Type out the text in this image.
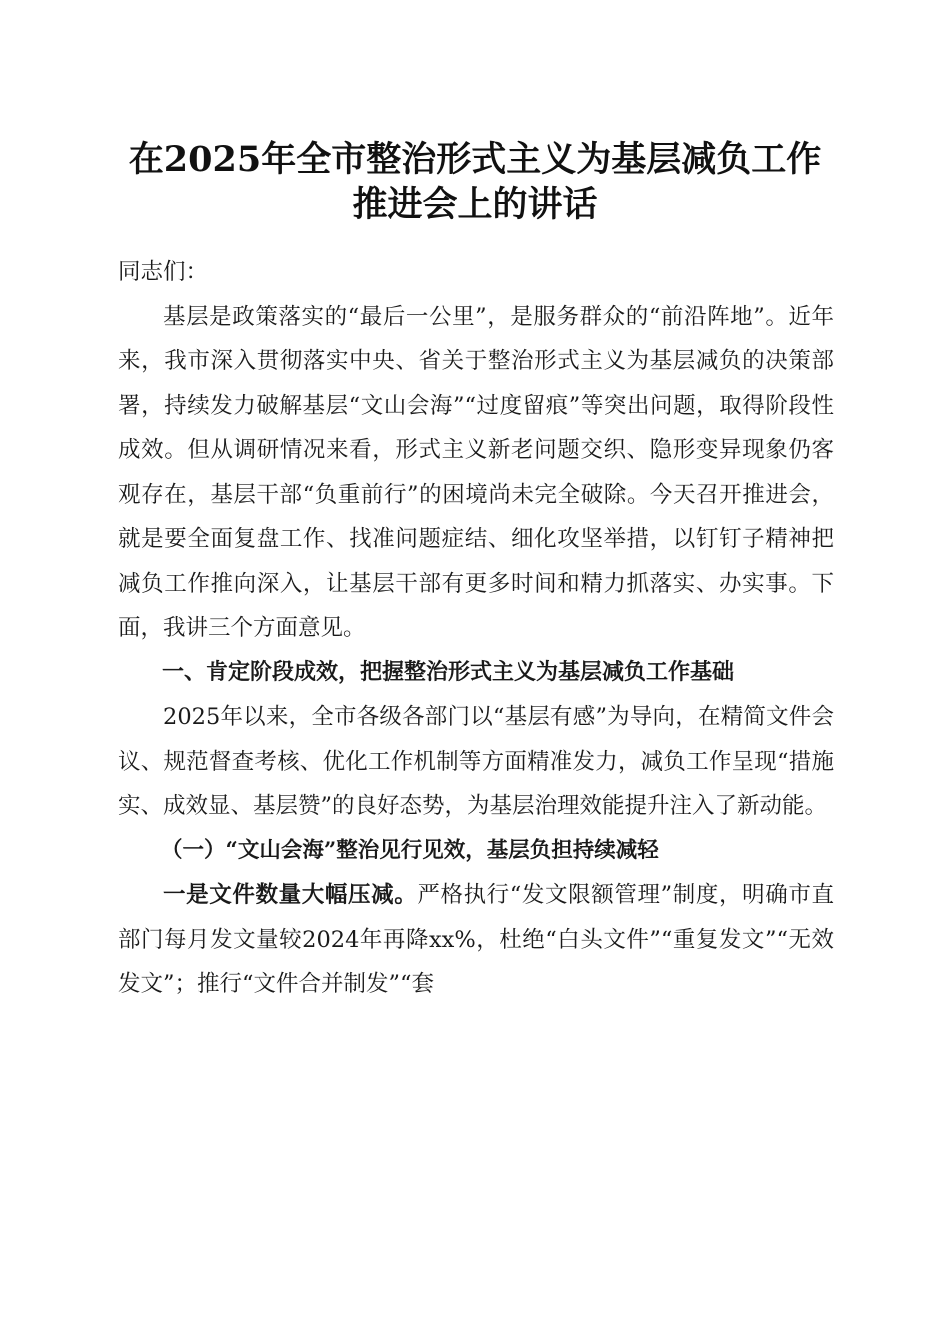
在2025年全市整治形式主义为基层减负工作
推进会上的讲话

同志们：

基层是政策落实的“最后一公里”，是服务群众的“前沿阵地”。近年来，我市深入贯彻落实中央、省关于整治形式主义为基层减负的决策部署，持续发力破解基层“文山会海”“过度留痕”等突出问题，取得阶段性成效。但从调研情况来看，形式主义新老问题交织、隐形变异现象仍客观存在，基层干部“负重前行”的困境尚未完全破除。今天召开推进会，就是要全面复盘工作、找准问题症结、细化攻坚举措，以钉钉子精神把减负工作推向深入，让基层干部有更多时间和精力抓落实、办实事。下面，我讲三个方面意见。

一、肯定阶段成效，把握整治形式主义为基层减负工作基础

2025年以来，全市各级各部门以“基层有感”为导向，在精简文件会议、规范督查考核、优化工作机制等方面精准发力，减负工作呈现“措施实、成效显、基层赞”的良好态势，为基层治理效能提升注入了新动能。

（一）“文山会海”整治见行见效，基层负担持续减轻

一是文件数量大幅压减。严格执行“发文限额管理”制度，明确市直部门每月发文量较2024年再降xx%，杜绝“白头文件”“重复发文”“无效发文”；推行“文件合并制发”“套
